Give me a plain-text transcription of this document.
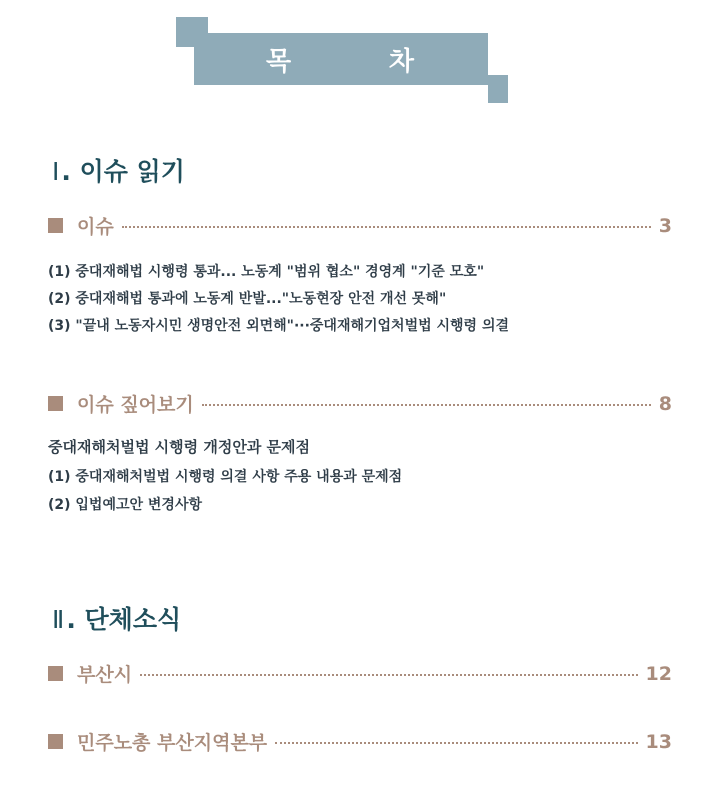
목	차
Ⅰ . 이슈 읽기
이슈	3
(1) 중대재해법 시행령 통과... 노동계 "범위 협소" 경영계 "기준 모호"
(2) 중대재해법 통과에 노동계 반발..."노동현장 안전 개선 못해"
(3) "끝내 노동자시민 생명안전 외면해"···중대재해기업처벌법 시행령 의결
이슈 짚어보기	8
중대재해처벌법 시행령 개정안과 문제점
(1) 중대재해처벌법 시행령 의결 사항 주용 내용과 문제점
(2) 입법예고안 변경사항
Ⅱ . 단체소식
부산시	12
민주노총 부산지역본부	13
